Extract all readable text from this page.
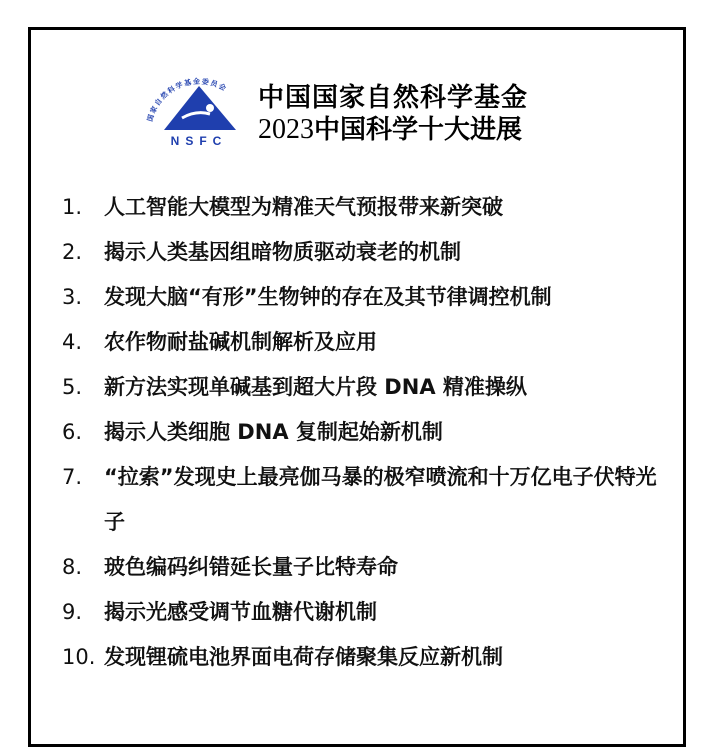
国家自然科学基金委员会
NSFC
中国国家自然科学基金
2023中国科学十大进展
1.	人工智能大模型为精准天气预报带来新突破
2.	揭示人类基因组暗物质驱动衰老的机制
3.	发现大脑“有形”生物钟的存在及其节律调控机制
4.	农作物耐盐碱机制解析及应用
5.	新方法实现单碱基到超大片段 DNA 精准操纵
6.	揭示人类细胞 DNA 复制起始新机制
7.	“拉索”发现史上最亮伽马暴的极窄喷流和十万亿电子伏特光子
8.	玻色编码纠错延长量子比特寿命
9.	揭示光感受调节血糖代谢机制
10. 发现锂硫电池界面电荷存储聚集反应新机制
